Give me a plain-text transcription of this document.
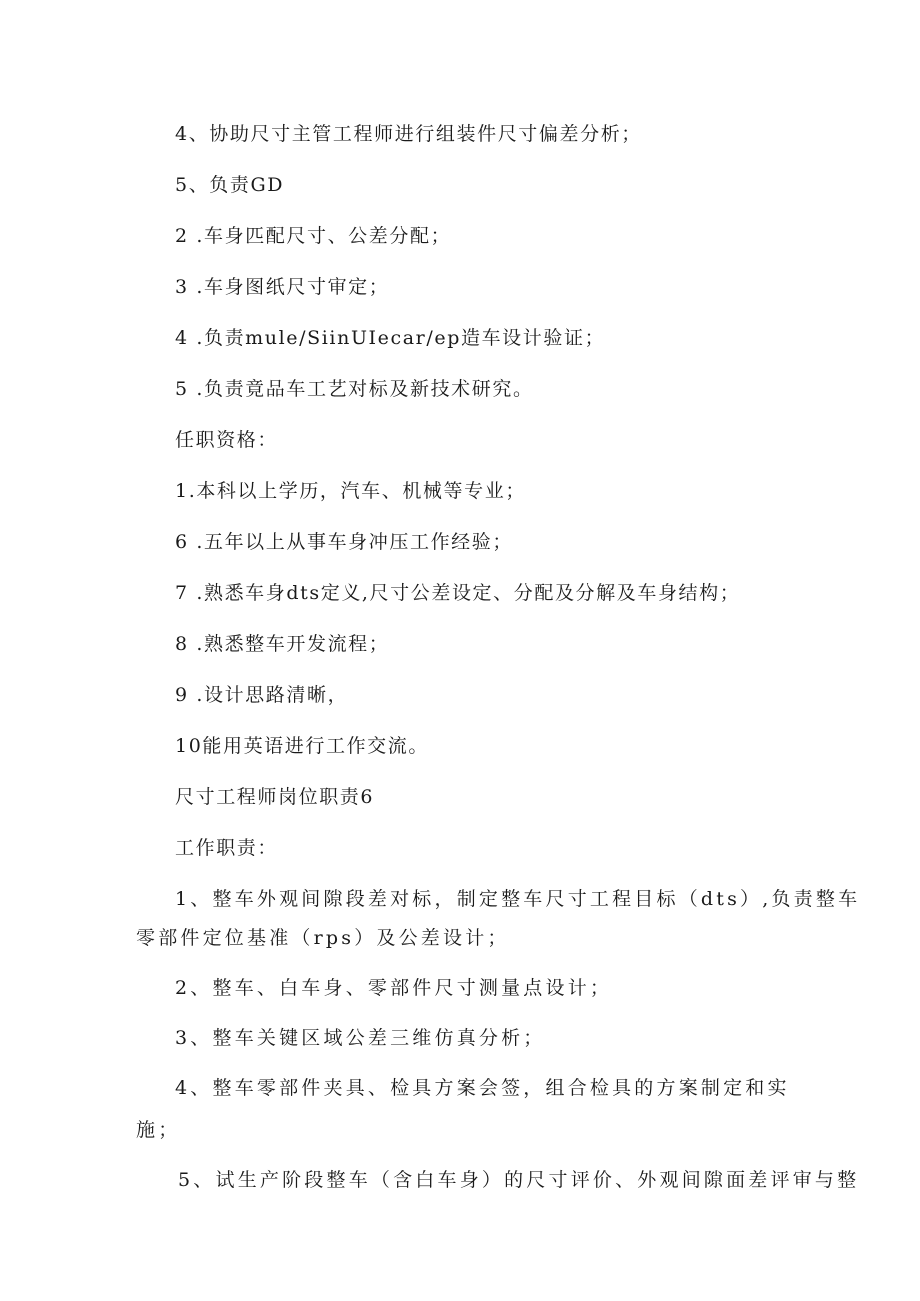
4、协助尺寸主管工程师进行组装件尺寸偏差分析；
5、负责GD
2 .车身匹配尺寸、公差分配；
3 .车身图纸尺寸审定；
4 .负责mule/SiinUIecar/ep造车设计验证；
5 .负责竟品车工艺对标及新技术研究。
任职资格：
1.本科以上学历，汽车、机械等专业；
6 .五年以上从事车身冲压工作经验；
7 .熟悉车身dts定义,尺寸公差设定、分配及分解及车身结构；
8 .熟悉整车开发流程；
9 .设计思路清晰，
10能用英语进行工作交流。
尺寸工程师岗位职责6
工作职责：
1、整车外观间隙段差对标，制定整车尺寸工程目标（dts）,负责整车
零部件定位基准（rps）及公差设计；
2、整车、白车身、零部件尺寸测量点设计；
3、整车关键区域公差三维仿真分析；
4、整车零部件夹具、检具方案会签，组合检具的方案制定和实
施；
5、试生产阶段整车（含白车身）的尺寸评价、外观间隙面差评审与整
